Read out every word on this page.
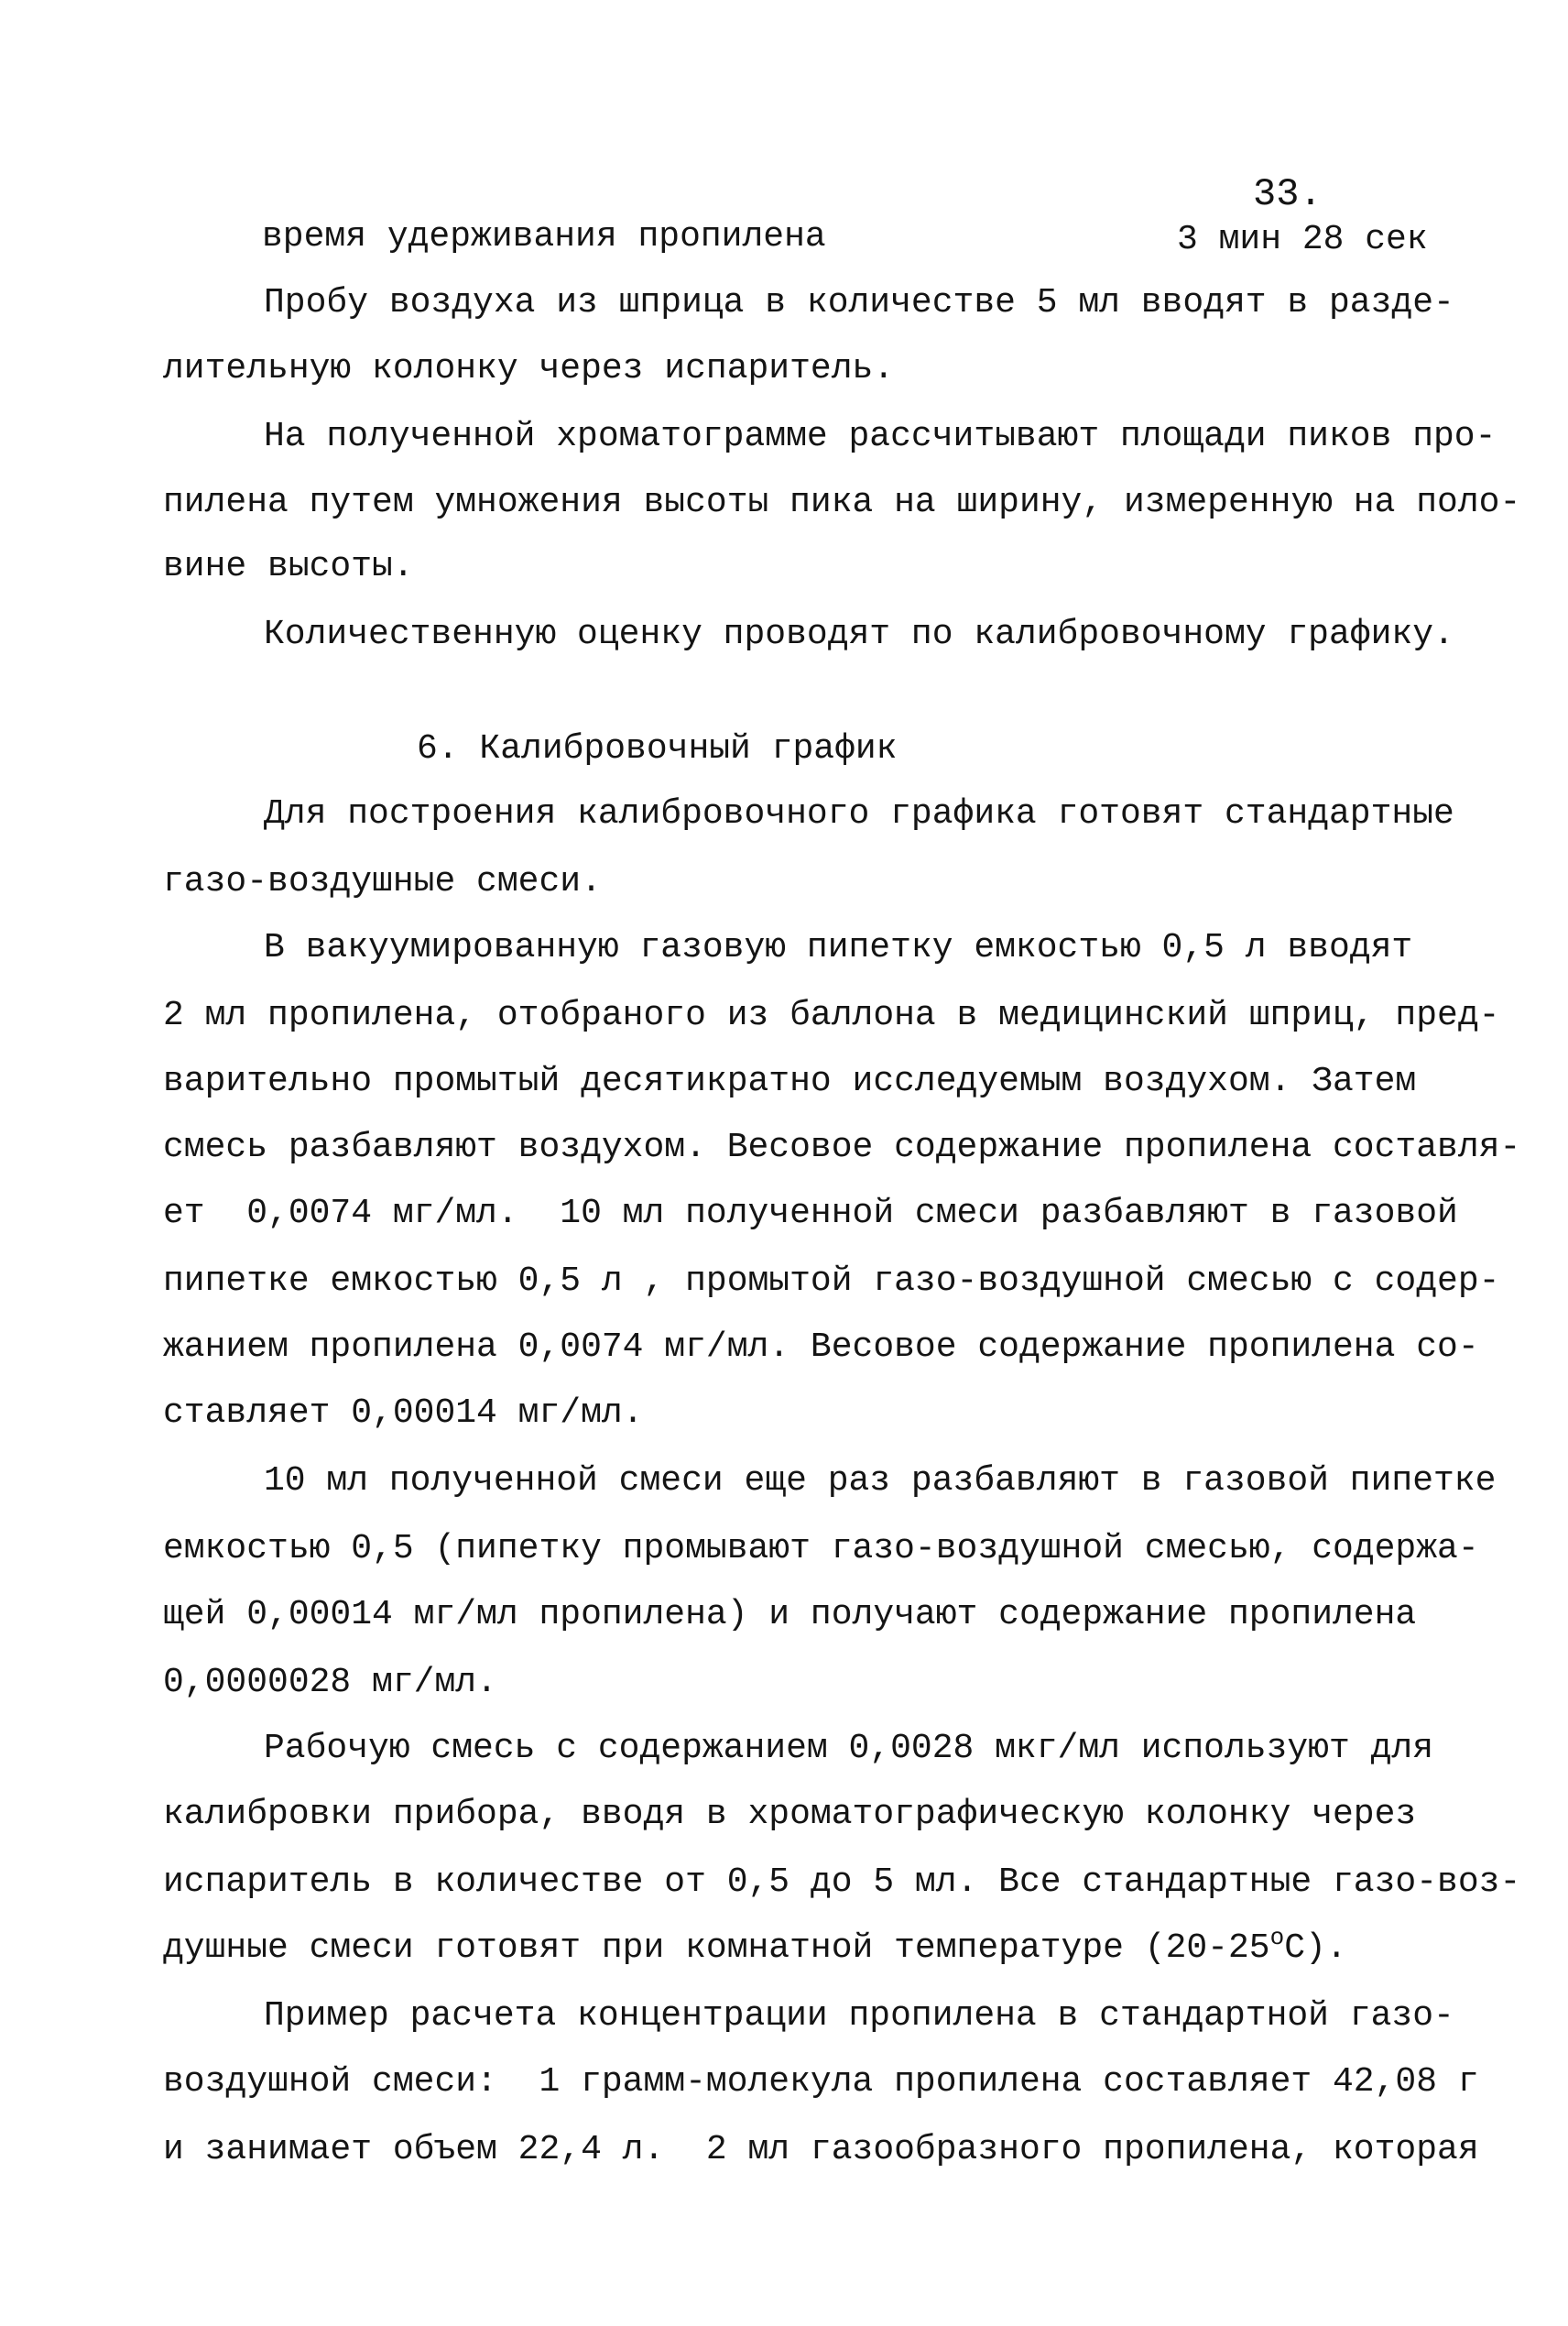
33.
время удерживания пропилена	3 мин 28 сек
Пробу воздуха из шприца в количестве 5 мл вводят в разде-
лительную колонку через испаритель.
На полученной хроматограмме рассчитывают площади пиков про-
пилена путем умножения высоты пика на ширину, измеренную на поло-
вине высоты.
Количественную оценку проводят по калибровочному графику.
6. Калибровочный график
Для построения калибровочного графика готовят стандартные
газо-воздушные смеси.
В вакуумированную газовую пипетку емкостью 0,5 л вводят
2 мл пропилена, отобраного из баллона в медицинский шприц, пред-
варительно промытый десятикратно исследуемым воздухом. Затем
смесь разбавляют воздухом. Весовое содержание пропилена составля-
ет  0,0074 мг/мл.  10 мл полученной смеси разбавляют в газовой
пипетке емкостью 0,5 л , промытой газо-воздушной смесью с содер-
жанием пропилена 0,0074 мг/мл. Весовое содержание пропилена со-
ставляет 0,00014 мг/мл.
10 мл полученной смеси еще раз разбавляют в газовой пипетке
емкостью 0,5 (пипетку промывают газо-воздушной смесью, содержа-
щей 0,00014 мг/мл пропилена) и получают содержание пропилена
0,0000028 мг/мл.
Рабочую смесь с содержанием 0,0028 мкг/мл используют для
калибровки прибора, вводя в хроматографическую колонку через
испаритель в количестве от 0,5 до 5 мл. Все стандартные газо-воз-
душные смеси готовят при комнатной температуре (20-25$^o$C).
Пример расчета концентрации пропилена в стандартной газо-
воздушной смеси:  1 грамм-молекула пропилена составляет 42,08 г
и занимает объем 22,4 л.  2 мл газообразного пропилена, которая
